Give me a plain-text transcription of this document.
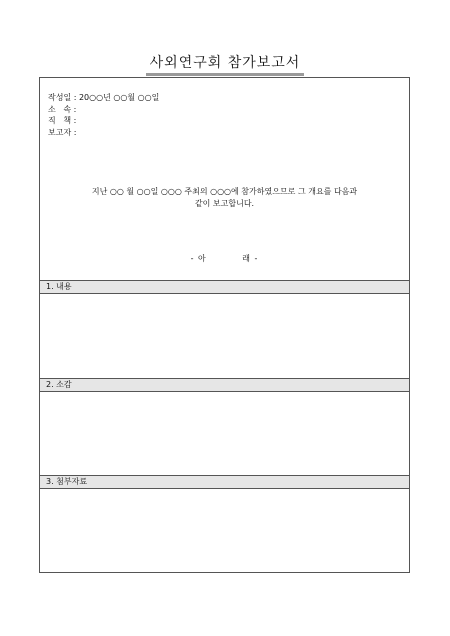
사외연구회 참가보고서
작성일 : 20○○년 ○○월 ○○일
소   속 :
직   책 :
보고자 :
지난 ○○ 월 ○○일 ○○○ 주최의 ○○○에 참가하였으므로 그 개요를 다음과
같이 보고합니다.
- 아          래 -
1. 내용
2. 소감
3. 첨부자료
